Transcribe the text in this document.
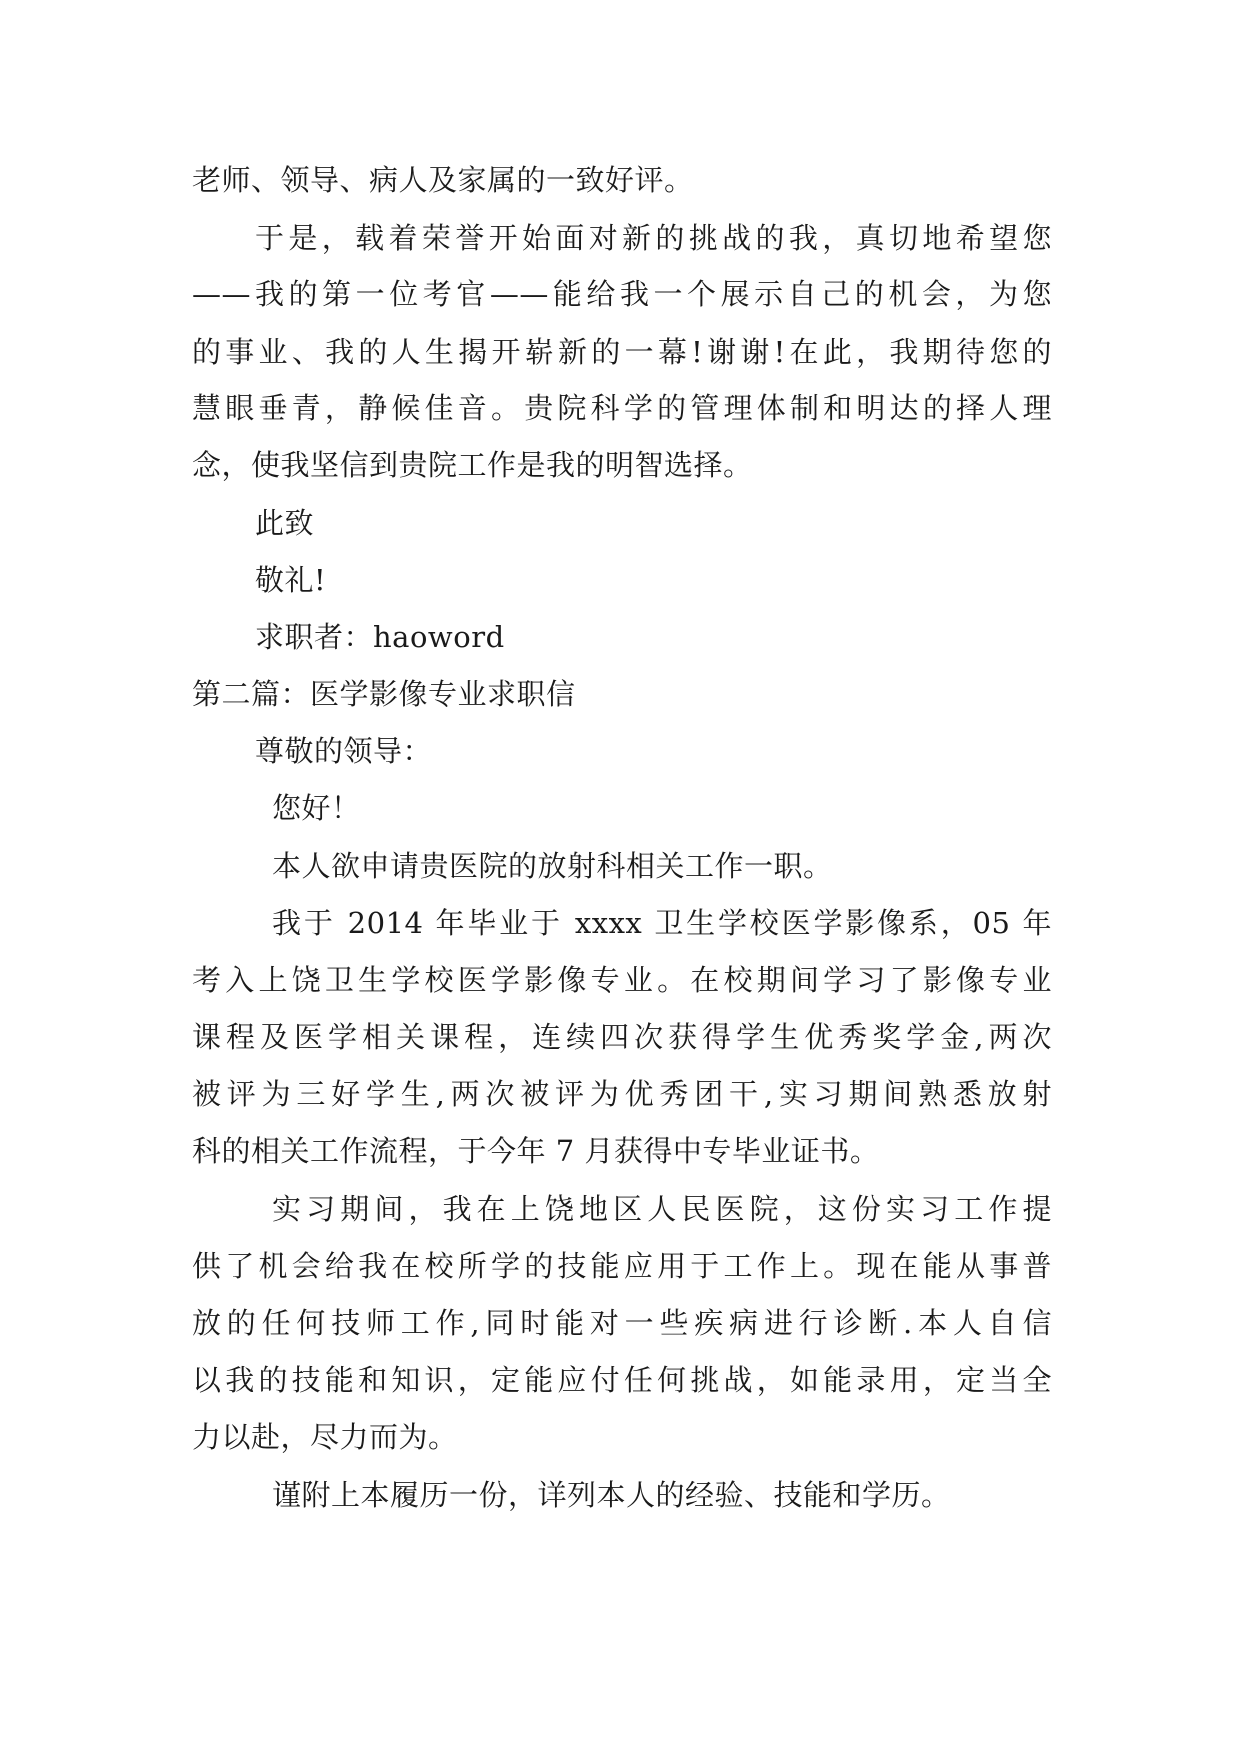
老师、领导、病人及家属的一致好评。
于是，载着荣誉开始面对新的挑战的我，真切地希望您
——我的第一位考官——能给我一个展示自己的机会，为您
的事业、我的人生揭开崭新的一幕!谢谢!在此，我期待您的
慧眼垂青，静候佳音。贵院科学的管理体制和明达的择人理
念，使我坚信到贵院工作是我的明智选择。
此致
敬礼!
求职者：haoword
第二篇：医学影像专业求职信
尊敬的领导：
您好！
本人欲申请贵医院的放射科相关工作一职。
我于 2014 年毕业于 xxxx 卫生学校医学影像系，05 年
考入上饶卫生学校医学影像专业。在校期间学习了影像专业
课程及医学相关课程，连续四次获得学生优秀奖学金,两次
被评为三好学生,两次被评为优秀团干,实习期间熟悉放射
科的相关工作流程，于今年 7 月获得中专毕业证书。
实习期间，我在上饶地区人民医院，这份实习工作提
供了机会给我在校所学的技能应用于工作上。现在能从事普
放的任何技师工作,同时能对一些疾病进行诊断.本人自信
以我的技能和知识，定能应付任何挑战，如能录用，定当全
力以赴，尽力而为。
谨附上本履历一份，详列本人的经验、技能和学历。
